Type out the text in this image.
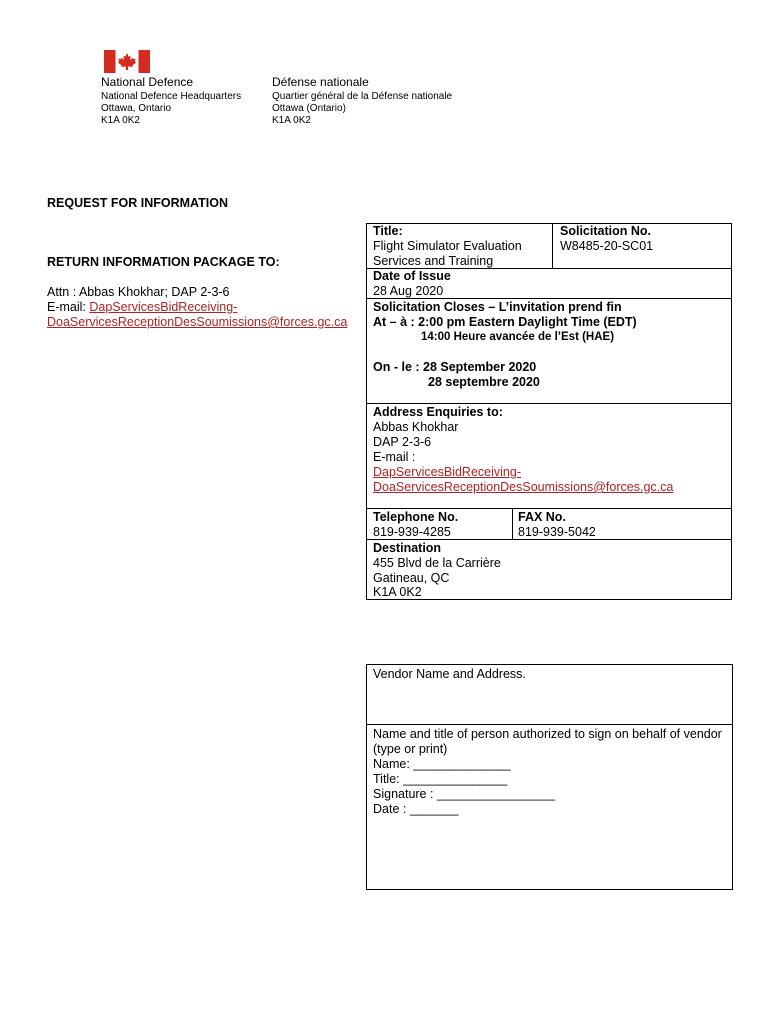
National Defence
National Defence Headquarters
Ottawa, Ontario
K1A 0K2
Défense nationale
Quartier général de la Défense nationale
Ottawa (Ontario)
K1A 0K2
REQUEST FOR INFORMATION
RETURN INFORMATION PACKAGE TO:
Attn : Abbas Khokhar; DAP 2-3-6
E-mail: DapServicesBidReceiving-
DoaServicesReceptionDesSoumissions@forces.gc.ca
Title:
Flight Simulator Evaluation
Services and Training
Solicitation No.
W8485-20-SC01
Date of Issue
28 Aug 2020
Solicitation Closes – L’invitation prend fin
At – à : 2:00 pm Eastern Daylight Time (EDT)
14:00 Heure avancée de l’Est (HAE)
On - le : 28 September 2020
28 septembre 2020
Address Enquiries to:
Abbas Khokhar
DAP 2-3-6
E-mail :
DapServicesBidReceiving-
DoaServicesReceptionDesSoumissions@forces.gc.ca
Telephone No.
819-939-4285
FAX No.
819-939-5042
Destination
455 Blvd de la Carrière
Gatineau, QC
K1A 0K2
Vendor Name and Address.
Name and title of person authorized to sign on behalf of vendor
(type or print)
Name: ______________
Title: _______________
Signature : _________________
Date : _______
